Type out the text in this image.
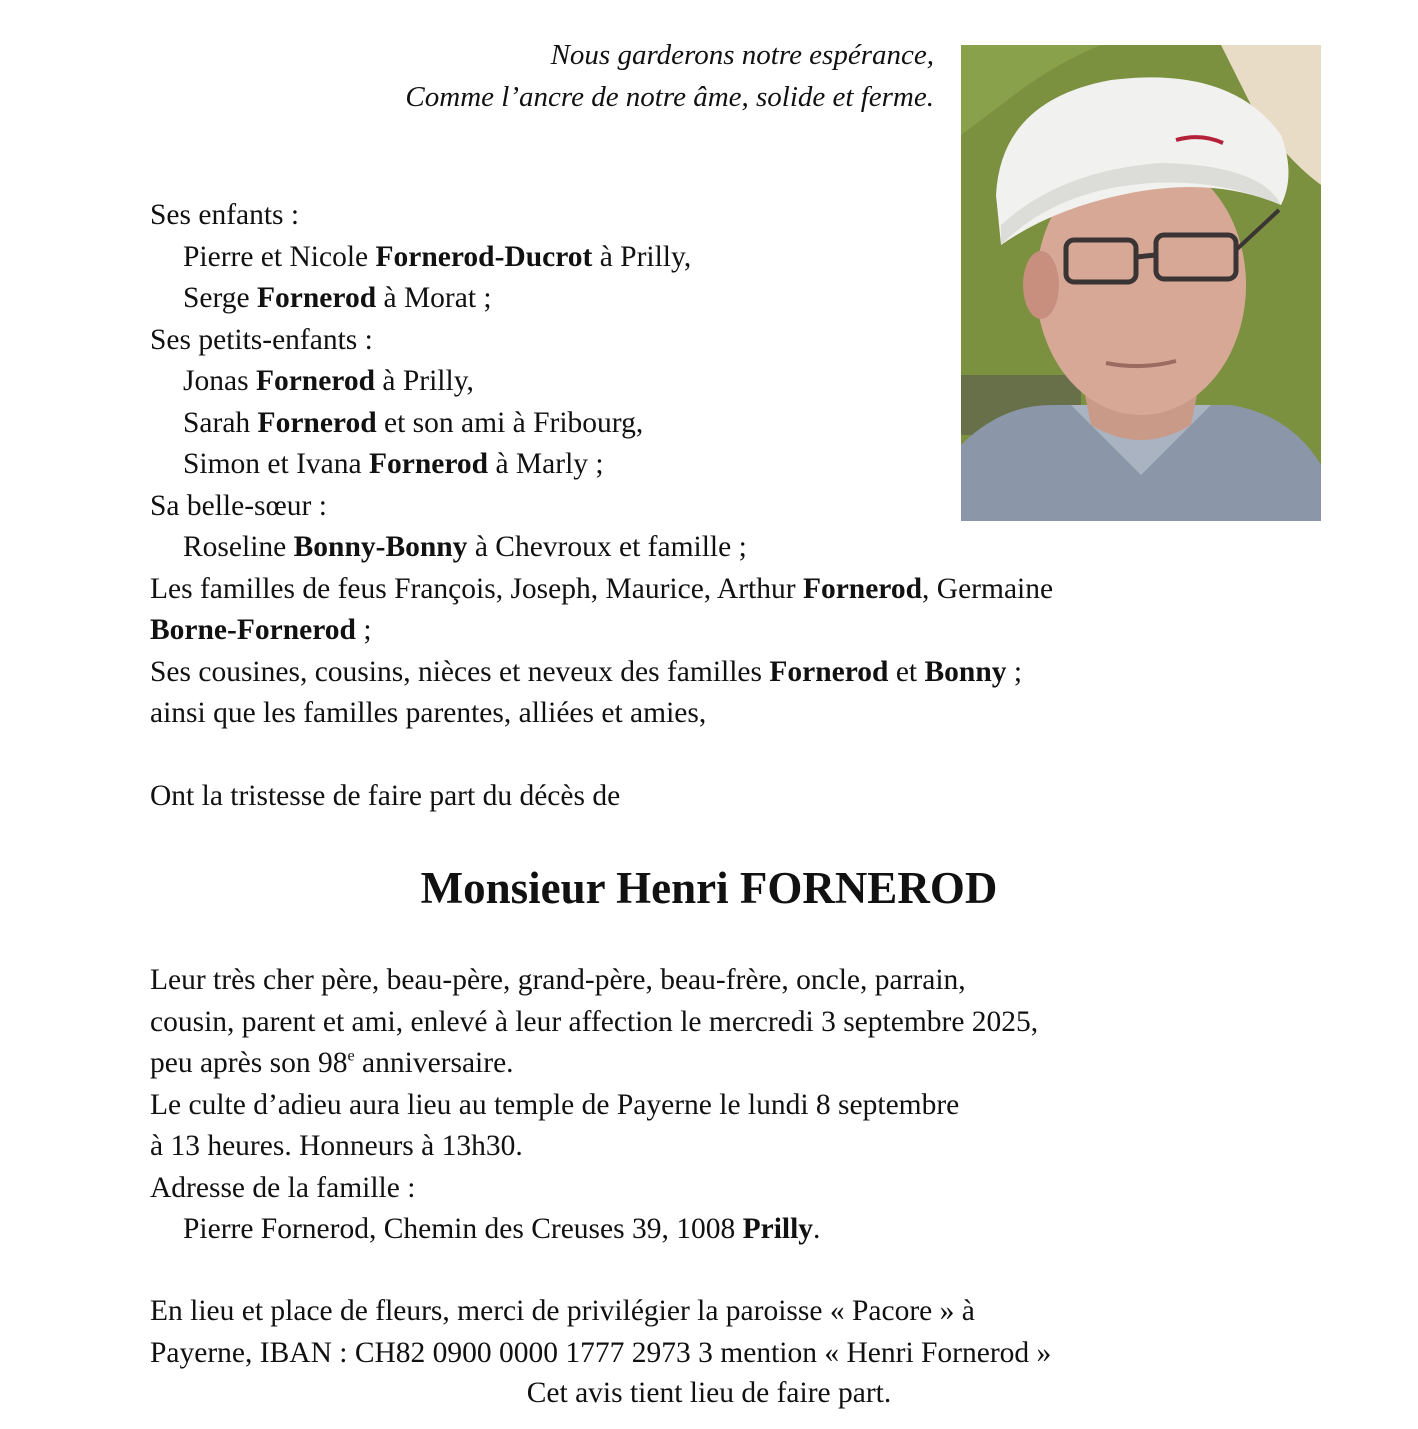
Nous garderons notre espérance,
Comme l’ancre de notre âme, solide et ferme.
Ses enfants :
Pierre et Nicole Fornerod-Ducrot à Prilly,
Serge Fornerod à Morat ;
Ses petits-enfants :
Jonas Fornerod à Prilly,
Sarah Fornerod et son ami à Fribourg,
Simon et Ivana Fornerod à Marly ;
Sa belle-sœur :
Roseline Bonny-Bonny à Chevroux et famille ;
Les familles de feus François, Joseph, Maurice, Arthur Fornerod, Germaine
Borne-Fornerod ;
Ses cousines, cousins, nièces et neveux des familles Fornerod et Bonny ;
ainsi que les familles parentes, alliées et amies,
Ont la tristesse de faire part du décès de
Monsieur Henri FORNEROD
Leur très cher père, beau-père, grand-père, beau-frère, oncle, parrain,
cousin, parent et ami, enlevé à leur affection le mercredi 3 septembre 2025,
peu après son 98e anniversaire.
Le culte d’adieu aura lieu au temple de Payerne le lundi 8 septembre
à 13 heures. Honneurs à 13h30.
Adresse de la famille :
Pierre Fornerod, Chemin des Creuses 39, 1008 Prilly.
En lieu et place de fleurs, merci de privilégier la paroisse « Pacore » à
Payerne, IBAN : CH82 0900 0000 1777 2973 3 mention « Henri Fornerod »
Cet avis tient lieu de faire part.
